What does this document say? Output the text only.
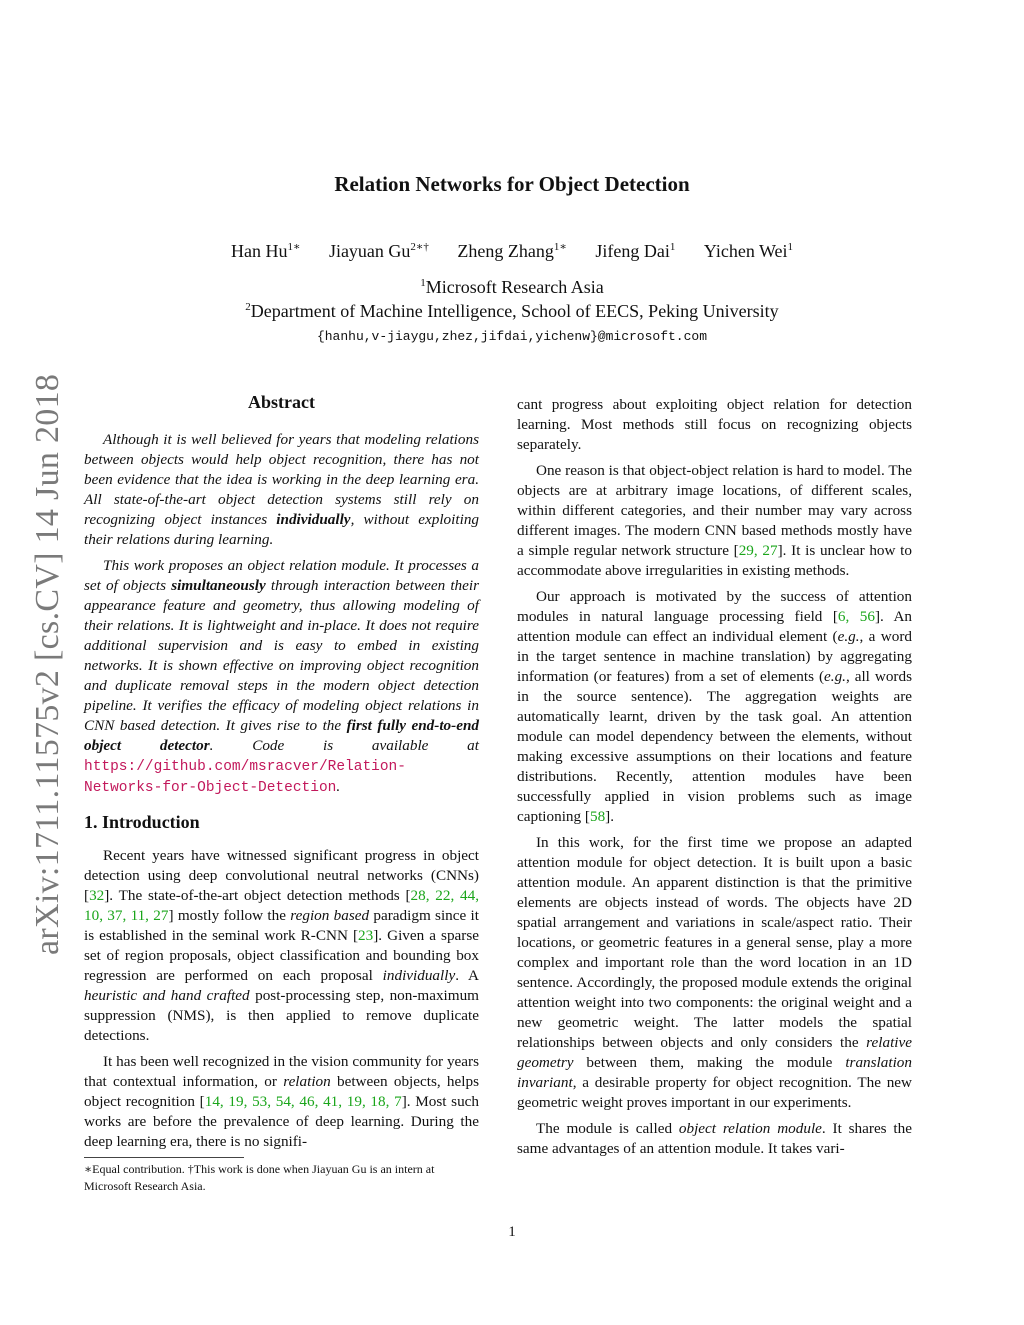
arXiv:1711.11575v2 [cs.CV] 14 Jun 2018
Relation Networks for Object Detection
Han $Hu^{1∗}$ Jiayuan $Gu^{2∗\dagger}$ Zheng Zhang$^{1∗}$ Jifeng Dai$^1$ Yichen Wei$^1$
$^1$Microsoft Research Asia
$^2$Department of Machine Intelligence, School of EECS, Peking University
{hanhu,v-jiaygu,zhez,jifdai,yichenw}@microsoft.com
Abstract

Although it is well believed for years that modeling relations between objects would help object recognition, there has not been evidence that the idea is working in the deep learning era. All state-of-the-art object detection systems still rely on recognizing object instances individually, without exploiting their relations during learning.

This work proposes an object relation module. It processes a set of objects simultaneously through interaction between their appearance feature and geometry, thus allowing modeling of their relations. It is lightweight and in-place. It does not require additional supervision and is easy to embed in existing networks. It is shown effective on improving object recognition and duplicate removal steps in the modern object detection pipeline. It verifies the efficacy of modeling object relations in CNN based detection. It gives rise to the first fully end-to-end object detector. Code is available at https://github.com/msracver/Relation-Networks-for-Object-Detection.

1. Introduction

Recent years have witnessed significant progress in object detection using deep convolutional neutral networks (CNNs) [32]. The state-of-the-art object detection methods [28, 22, 44, 10, 37, 11, 27] mostly follow the region based paradigm since it is established in the seminal work R-CNN [23]. Given a sparse set of region proposals, object classification and bounding box regression are performed on each proposal individually. A heuristic and hand crafted post-processing step, non-maximum suppression (NMS), is then applied to remove duplicate detections.

It has been well recognized in the vision community for years that contextual information, or relation between objects, helps object recognition [14, 19, 53, 54, 46, 41, 19, 18, 7]. Most such works are before the prevalence of deep learning. During the deep learning era, there is no signifi-

cant progress about exploiting object relation for detection learning. Most methods still focus on recognizing objects separately.

One reason is that object-object relation is hard to model. The objects are at arbitrary image locations, of different scales, within different categories, and their number may vary across different images. The modern CNN based methods mostly have a simple regular network structure [29, 27]. It is unclear how to accommodate above irregularities in existing methods.

Our approach is motivated by the success of attention modules in natural language processing field [6, 56]. An attention module can effect an individual element (e.g., a word in the target sentence in machine translation) by aggregating information (or features) from a set of elements (e.g., all words in the source sentence). The aggregation weights are automatically learnt, driven by the task goal. An attention module can model dependency between the elements, without making excessive assumptions on their locations and feature distributions. Recently, attention modules have been successfully applied in vision problems such as image captioning [58].

In this work, for the first time we propose an adapted attention module for object detection. It is built upon a basic attention module. An apparent distinction is that the primitive elements are objects instead of words. The objects have 2D spatial arrangement and variations in scale/aspect ratio. Their locations, or geometric features in a general sense, play a more complex and important role than the word location in an 1D sentence. Accordingly, the proposed module extends the original attention weight into two components: the original weight and a new geometric weight. The latter models the spatial relationships between objects and only considers the relative geometry between them, making the module translation invariant, a desirable property for object recognition. The new geometric weight proves important in our experiments.

The module is called object relation module. It shares the same advantages of an attention module. It takes vari-

∗Equal contribution. †This work is done when Jiayuan Gu is an intern at Microsoft Research Asia.
1
